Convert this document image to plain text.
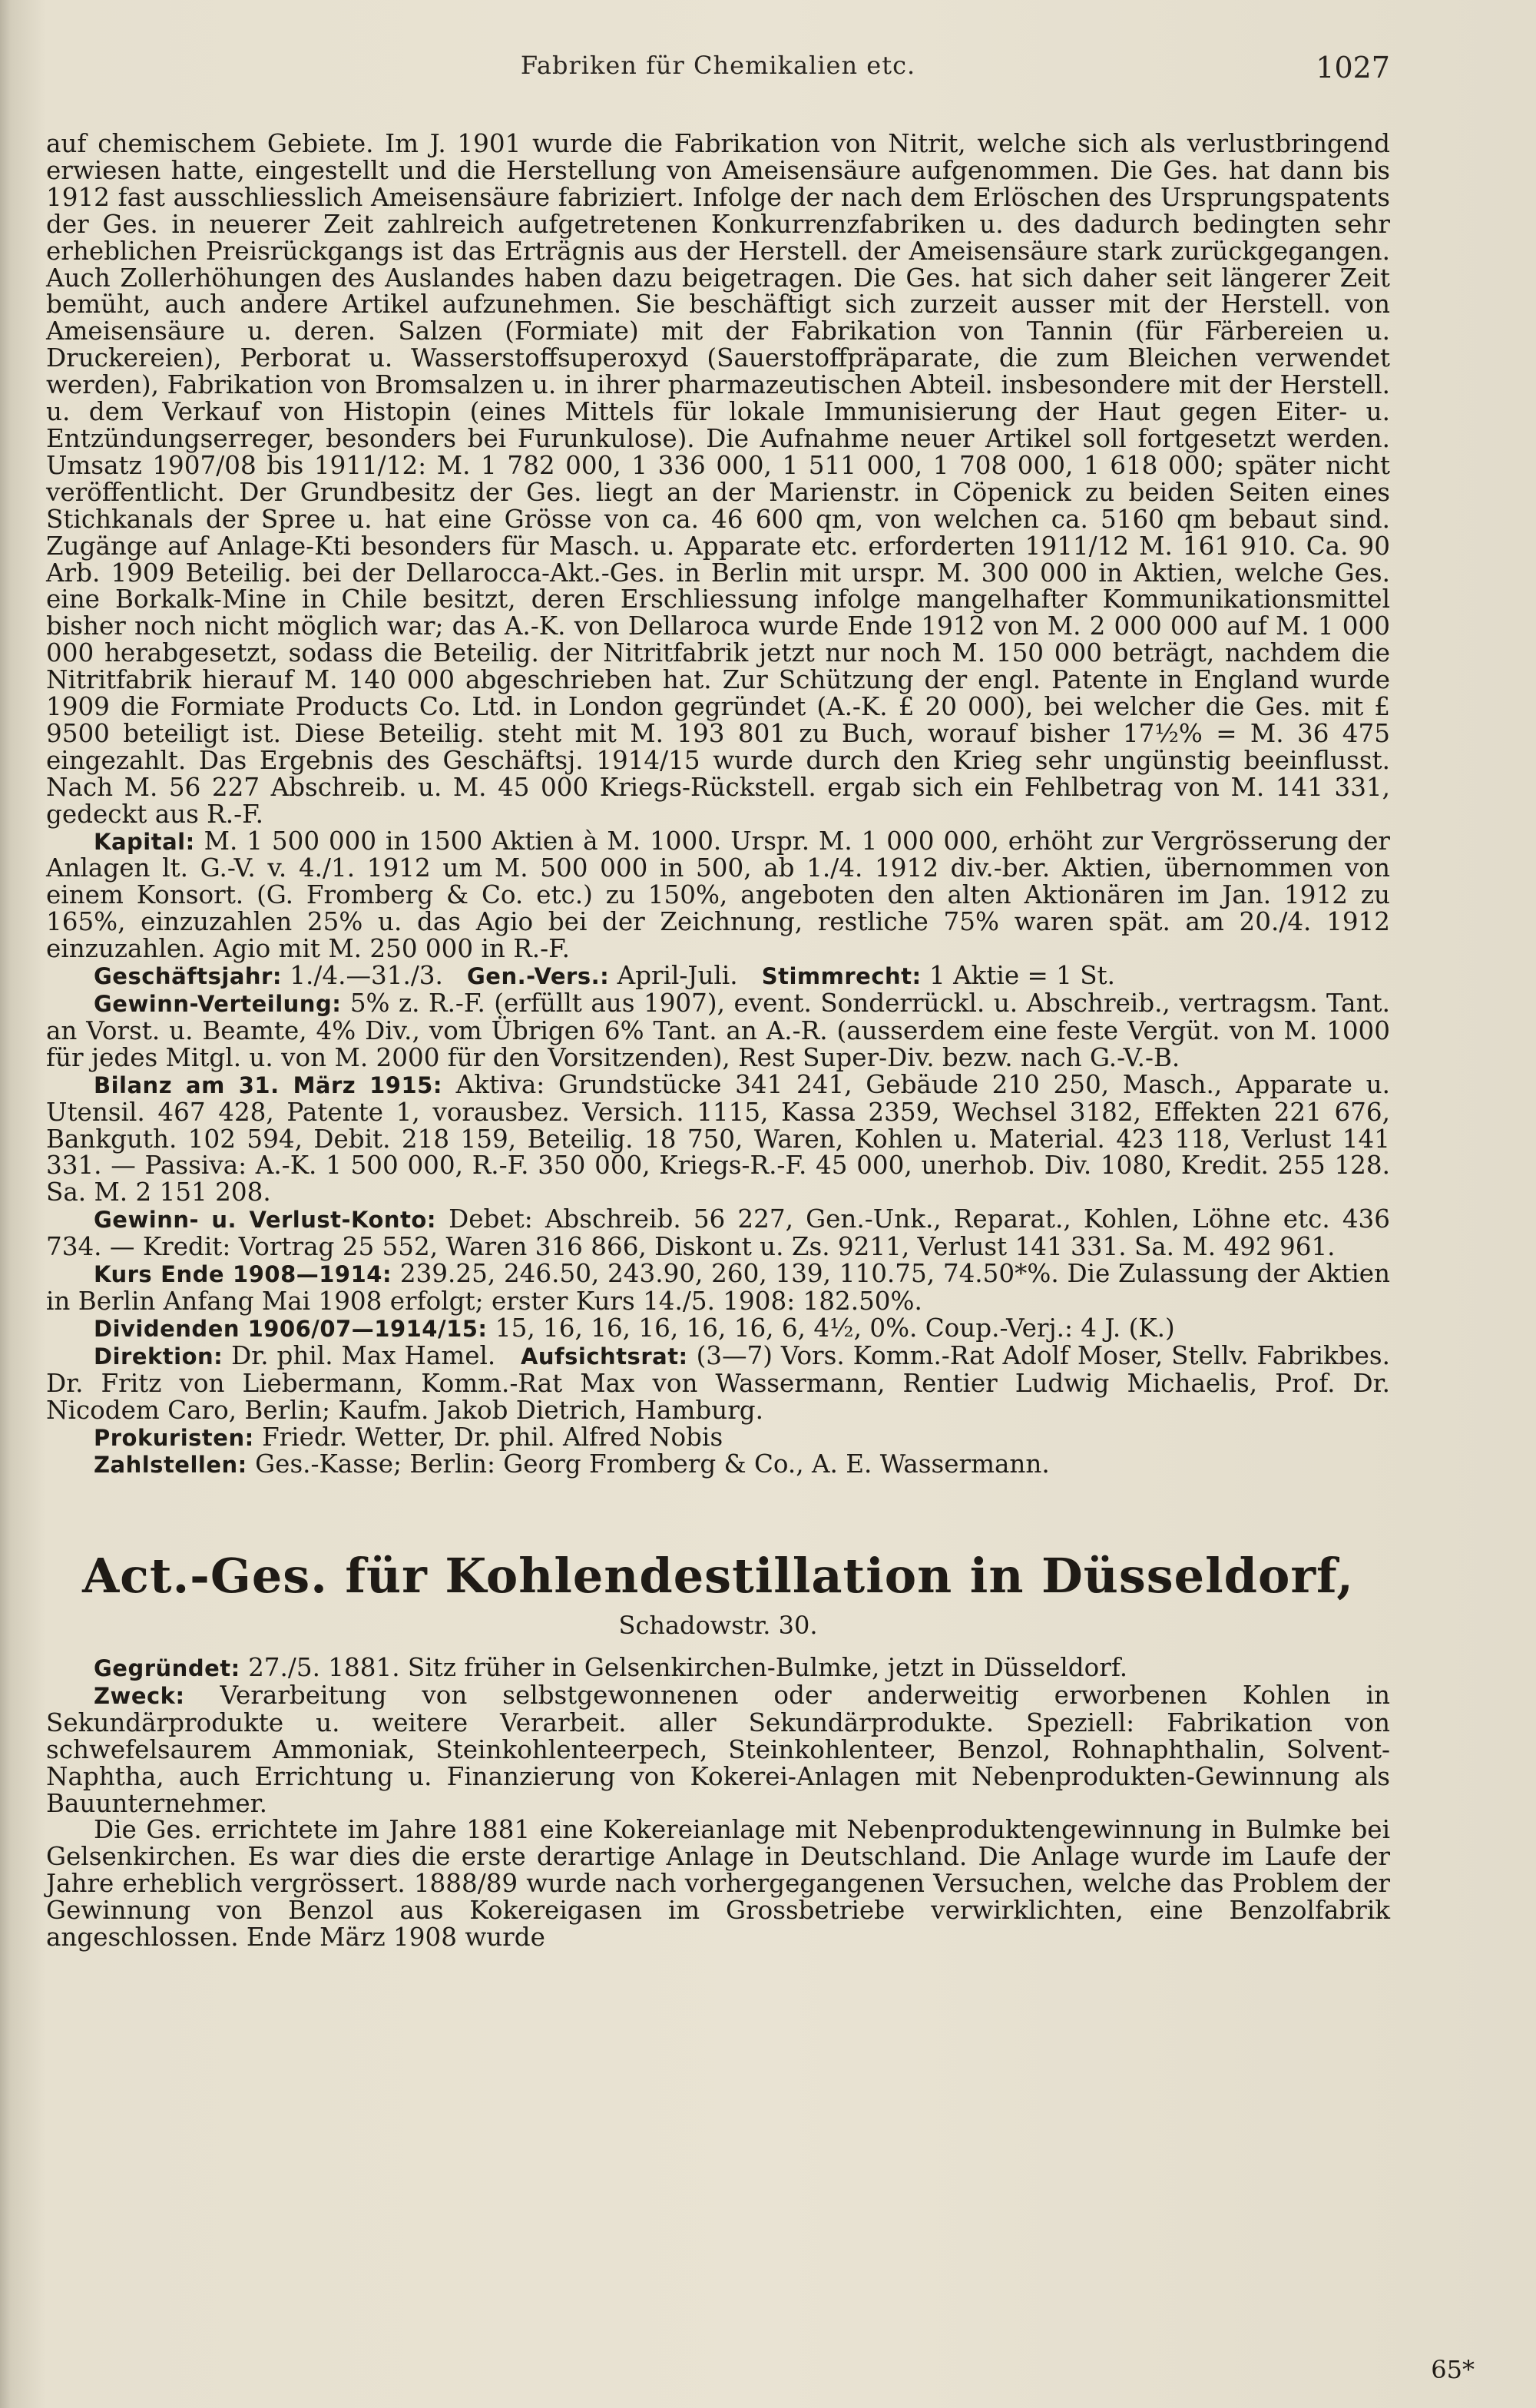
Fabriken für Chemikalien etc.	1027

auf chemischem Gebiete. Im J. 1901 wurde die Fabrikation von Nitrit, welche sich als verlustbringend erwiesen hatte, eingestellt und die Herstellung von Ameisensäure aufgenommen. Die Ges. hat dann bis 1912 fast ausschliesslich Ameisensäure fabriziert. Infolge der nach dem Erlöschen des Ursprungspatents der Ges. in neuerer Zeit zahlreich aufgetretenen Konkurrenzfabriken u. des dadurch bedingten sehr erheblichen Preisrückgangs ist das Erträgnis aus der Herstell. der Ameisensäure stark zurückgegangen. Auch Zollerhöhungen des Auslandes haben dazu beigetragen. Die Ges. hat sich daher seit längerer Zeit bemüht, auch andere Artikel aufzunehmen. Sie beschäftigt sich zurzeit ausser mit der Herstell. von Ameisensäure u. deren. Salzen (Formiate) mit der Fabrikation von Tannin (für Färbereien u. Druckereien), Perborat u. Wasserstoffsuperoxyd (Sauerstoffpräparate, die zum Bleichen verwendet werden), Fabrikation von Bromsalzen u. in ihrer pharmazeutischen Abteil. insbesondere mit der Herstell. u. dem Verkauf von Histopin (eines Mittels für lokale Immunisierung der Haut gegen Eiter- u. Entzündungserreger, besonders bei Furunkulose). Die Aufnahme neuer Artikel soll fortgesetzt werden. Umsatz 1907/08 bis 1911/12: M. 1 782 000, 1 336 000, 1 511 000, 1 708 000, 1 618 000; später nicht veröffentlicht. Der Grundbesitz der Ges. liegt an der Marienstr. in Cöpenick zu beiden Seiten eines Stichkanals der Spree u. hat eine Grösse von ca. 46 600 qm, von welchen ca. 5160 qm bebaut sind. Zugänge auf Anlage-Kti besonders für Masch. u. Apparate etc. erforderten 1911/12 M. 161 910. Ca. 90 Arb. 1909 Beteilig. bei der Dellarocca-Akt.-Ges. in Berlin mit urspr. M. 300 000 in Aktien, welche Ges. eine Borkalk-Mine in Chile besitzt, deren Erschliessung infolge mangelhafter Kommunikationsmittel bisher noch nicht möglich war; das A.-K. von Dellaroca wurde Ende 1912 von M. 2 000 000 auf M. 1 000 000 herabgesetzt, sodass die Beteilig. der Nitritfabrik jetzt nur noch M. 150 000 beträgt, nachdem die Nitritfabrik hierauf M. 140 000 abgeschrieben hat. Zur Schützung der engl. Patente in England wurde 1909 die Formiate Products Co. Ltd. in London gegründet (A.-K. £ 20 000), bei welcher die Ges. mit £ 9500 beteiligt ist. Diese Beteilig. steht mit M. 193 801 zu Buch, worauf bisher 17½% = M. 36 475 eingezahlt. Das Ergebnis des Geschäftsj. 1914/15 wurde durch den Krieg sehr ungünstig beeinflusst. Nach M. 56 227 Abschreib. u. M. 45 000 Kriegs-Rückstell. ergab sich ein Fehlbetrag von M. 141 331, gedeckt aus R.-F.

Kapital: M. 1 500 000 in 1500 Aktien à M. 1000. Urspr. M. 1 000 000, erhöht zur Vergrösserung der Anlagen lt. G.-V. v. 4./1. 1912 um M. 500 000 in 500, ab 1./4. 1912 div.-ber. Aktien, übernommen von einem Konsort. (G. Fromberg & Co. etc.) zu 150%, angeboten den alten Aktionären im Jan. 1912 zu 165%, einzuzahlen 25% u. das Agio bei der Zeichnung, restliche 75% waren spät. am 20./4. 1912 einzuzahlen. Agio mit M. 250 000 in R.-F.

Geschäftsjahr: 1./4.—31./3. Gen.-Vers.: April-Juli. Stimmrecht: 1 Aktie = 1 St.

Gewinn-Verteilung: 5% z. R.-F. (erfüllt aus 1907), event. Sonderrückl. u. Abschreib., vertragsm. Tant. an Vorst. u. Beamte, 4% Div., vom Übrigen 6% Tant. an A.-R. (ausserdem eine feste Vergüt. von M. 1000 für jedes Mitgl. u. von M. 2000 für den Vorsitzenden), Rest Super-Div. bezw. nach G.-V.-B.

Bilanz am 31. März 1915: Aktiva: Grundstücke 341 241, Gebäude 210 250, Masch., Apparate u. Utensil. 467 428, Patente 1, vorausbez. Versich. 1115, Kassa 2359, Wechsel 3182, Effekten 221 676, Bankguth. 102 594, Debit. 218 159, Beteilig. 18 750, Waren, Kohlen u. Material. 423 118, Verlust 141 331. — Passiva: A.-K. 1 500 000, R.-F. 350 000, Kriegs-R.-F. 45 000, unerhob. Div. 1080, Kredit. 255 128. Sa. M. 2 151 208.

Gewinn- u. Verlust-Konto: Debet: Abschreib. 56 227, Gen.-Unk., Reparat., Kohlen, Löhne etc. 436 734. — Kredit: Vortrag 25 552, Waren 316 866, Diskont u. Zs. 9211, Verlust 141 331. Sa. M. 492 961.

Kurs Ende 1908—1914: 239.25, 246.50, 243.90, 260, 139, 110.75, 74.50*%. Die Zulassung der Aktien in Berlin Anfang Mai 1908 erfolgt; erster Kurs 14./5. 1908: 182.50%.

Dividenden 1906/07—1914/15: 15, 16, 16, 16, 16, 16, 6, 4½, 0%. Coup.-Verj.: 4 J. (K.)

Direktion: Dr. phil. Max Hamel. Aufsichtsrat: (3—7) Vors. Komm.-Rat Adolf Moser, Stellv. Fabrikbes. Dr. Fritz von Liebermann, Komm.-Rat Max von Wassermann, Rentier Ludwig Michaelis, Prof. Dr. Nicodem Caro, Berlin; Kaufm. Jakob Dietrich, Hamburg.

Prokuristen: Friedr. Wetter, Dr. phil. Alfred Nobis

Zahlstellen: Ges.-Kasse; Berlin: Georg Fromberg & Co., A. E. Wassermann.

Act.-Ges. für Kohlendestillation in Düsseldorf,
Schadowstr. 30.

Gegründet: 27./5. 1881. Sitz früher in Gelsenkirchen-Bulmke, jetzt in Düsseldorf.

Zweck: Verarbeitung von selbstgewonnenen oder anderweitig erworbenen Kohlen in Sekundärprodukte u. weitere Verarbeit. aller Sekundärprodukte. Speziell: Fabrikation von schwefelsaurem Ammoniak, Steinkohlenteerpech, Steinkohlenteer, Benzol, Rohnaphthalin, Solvent-Naphtha, auch Errichtung u. Finanzierung von Kokerei-Anlagen mit Nebenprodukten-Gewinnung als Bauunternehmer.

Die Ges. errichtete im Jahre 1881 eine Kokereianlage mit Nebenproduktengewinnung in Bulmke bei Gelsenkirchen. Es war dies die erste derartige Anlage in Deutschland. Die Anlage wurde im Laufe der Jahre erheblich vergrössert. 1888/89 wurde nach vorhergegangenen Versuchen, welche das Problem der Gewinnung von Benzol aus Kokereigasen im Grossbetriebe verwirklichten, eine Benzolfabrik angeschlossen. Ende März 1908 wurde

65*
